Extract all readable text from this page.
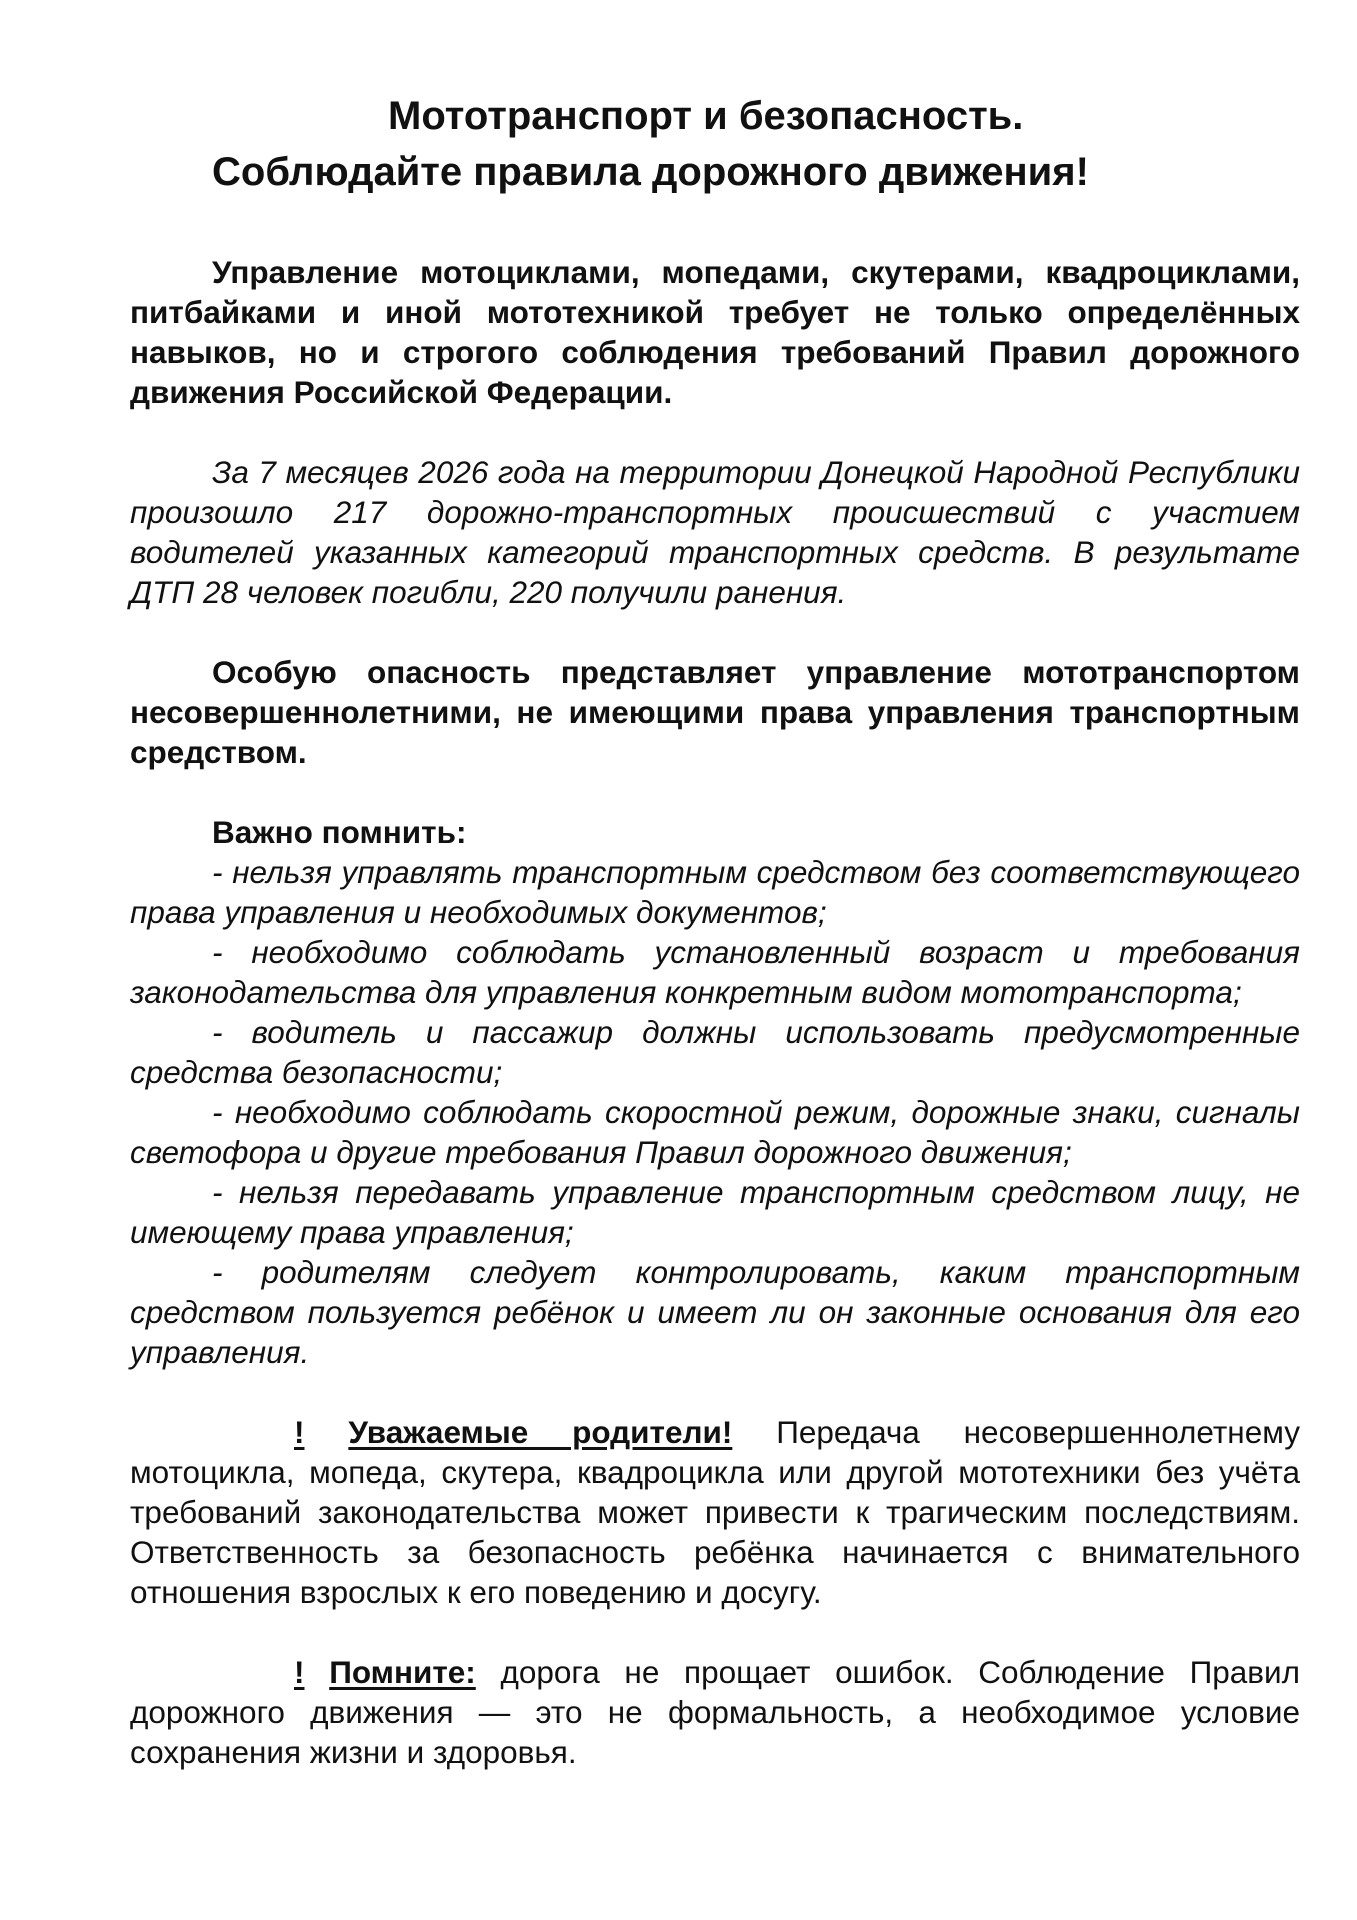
Мототранспорт и безопасность.
Соблюдайте правила дорожного движения!

Управление мотоциклами, мопедами, скутерами, квадроциклами, питбайками и иной мототехникой требует не только определённых навыков, но и строгого соблюдения требований Правил дорожного движения Российской Федерации.

За 7 месяцев 2026 года на территории Донецкой Народной Республики произошло 217 дорожно-транспортных происшествий с участием водителей указанных категорий транспортных средств. В результате ДТП 28 человек погибли, 220 получили ранения.

Особую опасность представляет управление мототранспортом несовершеннолетними, не имеющими права управления транспортным средством.

Важно помнить:

- нельзя управлять транспортным средством без соответствующего права управления и необходимых документов;

- необходимо соблюдать установленный возраст и требования законодательства для управления конкретным видом мототранспорта;

- водитель и пассажир должны использовать предусмотренные средства безопасности;

- необходимо соблюдать скоростной режим, дорожные знаки, сигналы светофора и другие требования Правил дорожного движения;

- нельзя передавать управление транспортным средством лицу, не имеющему права управления;

- родителям следует контролировать, каким транспортным средством пользуется ребёнок и имеет ли он законные основания для его управления.

! Уважаемые родители! Передача несовершеннолетнему мотоцикла, мопеда, скутера, квадроцикла или другой мототехники без учёта требований законодательства может привести к трагическим последствиям. Ответственность за безопасность ребёнка начинается с внимательного отношения взрослых к его поведению и досугу.

! Помните: дорога не прощает ошибок. Соблюдение Правил дорожного движения — это не формальность, а необходимое условие сохранения жизни и здоровья.
